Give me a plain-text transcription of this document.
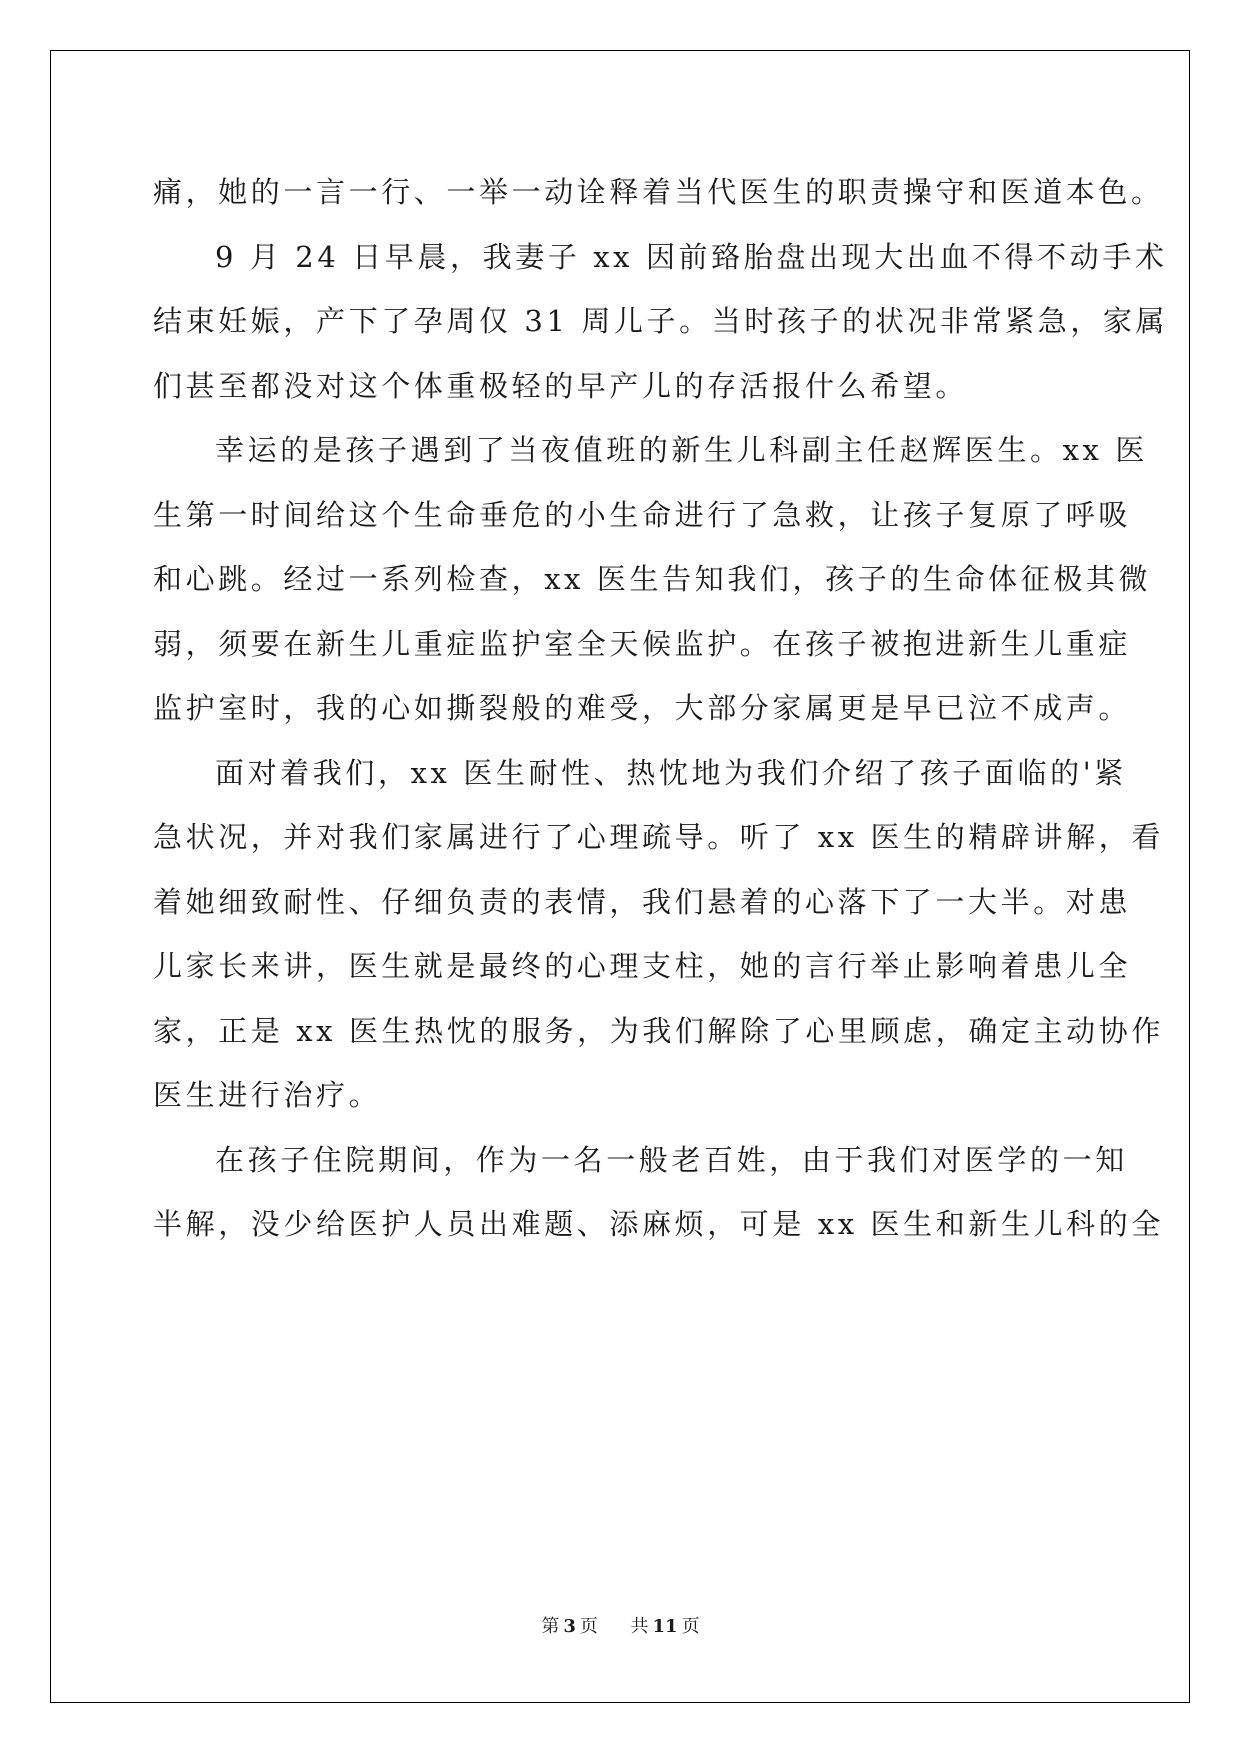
痛，她的一言一行、一举一动诠释着当代医生的职责操守和医道本色。
9 月 24 日早晨，我妻子 xx 因前臵胎盘出现大出血不得不动手术
结束妊娠，产下了孕周仅 31 周儿子。当时孩子的状况非常紧急，家属
们甚至都没对这个体重极轻的早产儿的存活报什么希望。
幸运的是孩子遇到了当夜值班的新生儿科副主任赵辉医生。xx 医
生第一时间给这个生命垂危的小生命进行了急救，让孩子复原了呼吸
和心跳。经过一系列检查，xx 医生告知我们，孩子的生命体征极其微
弱，须要在新生儿重症监护室全天候监护。在孩子被抱进新生儿重症
监护室时，我的心如撕裂般的难受，大部分家属更是早已泣不成声。
面对着我们，xx 医生耐性、热忱地为我们介绍了孩子面临的'紧
急状况，并对我们家属进行了心理疏导。听了 xx 医生的精辟讲解，看
着她细致耐性、仔细负责的表情，我们悬着的心落下了一大半。对患
儿家长来讲，医生就是最终的心理支柱，她的言行举止影响着患儿全
家，正是 xx 医生热忱的服务，为我们解除了心里顾虑，确定主动协作
医生进行治疗。
在孩子住院期间，作为一名一般老百姓，由于我们对医学的一知
半解，没少给医护人员出难题、添麻烦，可是 xx 医生和新生儿科的全
第 3 页 共 11 页
